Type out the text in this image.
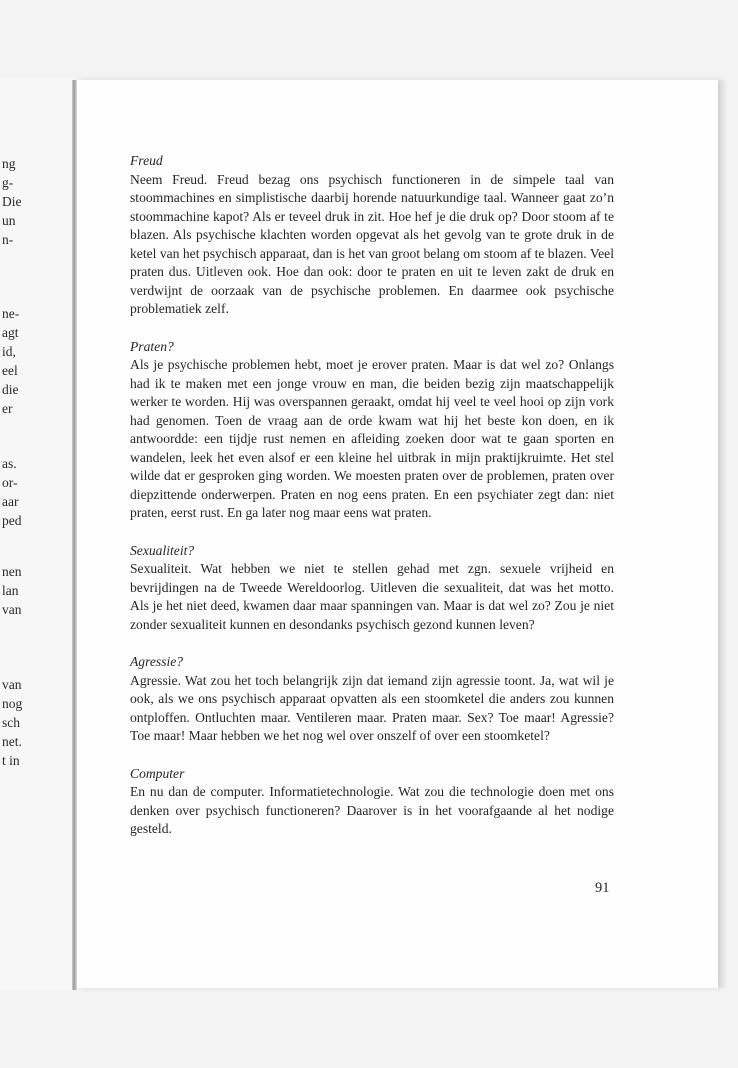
ng
g-
Die
un
n-
ne-
agt
id,
eel
die
er
as.
or-
aar
ped
nen
lan
van
van
nog
sch
net.
t in

Freud

Neem Freud. Freud bezag ons psychisch functioneren in de simpele taal van stoommachines en simplistische daarbij horende natuurkundige taal. Wanneer gaat zo’n stoommachine kapot? Als er teveel druk in zit. Hoe hef je die druk op? Door stoom af te blazen. Als psychische klachten worden opgevat als het gevolg van te grote druk in de ketel van het psychisch apparaat, dan is het van groot belang om stoom af te blazen. Veel praten dus. Uitleven ook. Hoe dan ook: door te praten en uit te leven zakt de druk en verdwijnt de oorzaak van de psychische problemen. En daarmee ook psychische problematiek zelf.

Praten?

Als je psychische problemen hebt, moet je erover praten. Maar is dat wel zo? Onlangs had ik te maken met een jonge vrouw en man, die beiden bezig zijn maatschappelijk werker te worden. Hij was overspannen geraakt, omdat hij veel te veel hooi op zijn vork had genomen. Toen de vraag aan de orde kwam wat hij het beste kon doen, en ik antwoordde: een tijdje rust nemen en afleiding zoeken door wat te gaan sporten en wandelen, leek het even alsof er een kleine hel uitbrak in mijn praktijkruimte. Het stel wilde dat er gesproken ging worden. We moesten praten over de problemen, praten over diepzittende onderwerpen. Praten en nog eens praten. En een psychiater zegt dan: niet praten, eerst rust. En ga later nog maar eens wat praten.

Sexualiteit?

Sexualiteit. Wat hebben we niet te stellen gehad met zgn. sexuele vrijheid en bevrijdingen na de Tweede Wereldoorlog. Uitleven die sexualiteit, dat was het motto. Als je het niet deed, kwamen daar maar spanningen van. Maar is dat wel zo? Zou je niet zonder sexualiteit kunnen en desondanks psychisch gezond kunnen leven?

Agressie?

Agressie. Wat zou het toch belangrijk zijn dat iemand zijn agressie toont. Ja, wat wil je ook, als we ons psychisch apparaat opvatten als een stoomketel die anders zou kunnen ontploffen. Ontluchten maar. Ventileren maar. Praten maar. Sex? Toe maar! Agressie? Toe maar! Maar hebben we het nog wel over onszelf of over een stoomketel?

Computer

En nu dan de computer. Informatietechnologie. Wat zou die technologie doen met ons denken over psychisch functioneren? Daarover is in het voorafgaande al het nodige gesteld.

91
